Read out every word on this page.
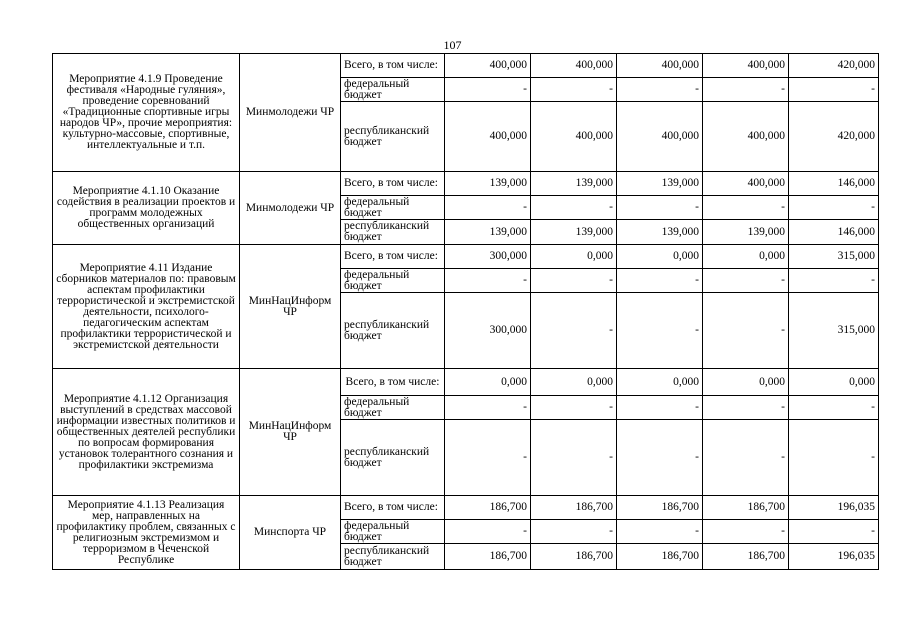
107
Мероприятие 4.1.9 Проведение фестиваля «Народные гуляния», проведение соревнований «Традиционные спортивные игры народов ЧР», прочие мероприятия: культурно-массовые, спортивные, интеллектуальные и т.п.	Минмолодежи ЧР	Всего, в том числе:	400,000	400,000	400,000	400,000	420,000
		федеральный бюджет	-	-	-	-	-
		республиканский бюджет	400,000	400,000	400,000	400,000	420,000
Мероприятие 4.1.10 Оказание содействия в реализации проектов и программ молодежных общественных организаций	Минмолодежи ЧР	Всего, в том числе:	139,000	139,000	139,000	400,000	146,000
		федеральный бюджет	-	-	-	-	-
		республиканский бюджет	139,000	139,000	139,000	139,000	146,000
Мероприятие 4.11 Издание сборников материалов по: правовым аспектам профилактики террористической и экстремистской деятельности, психолого-педагогическим аспектам профилактики террористической и экстремистской деятельности	МинНацИнформ ЧР	Всего, в том числе:	300,000	0,000	0,000	0,000	315,000
		федеральный бюджет	-	-	-	-	-
		республиканский бюджет	300,000	-	-	-	315,000
Мероприятие 4.1.12 Организация выступлений в средствах массовой информации известных политиков и общественных деятелей республики по вопросам формирования установок толерантного сознания и профилактики экстремизма	МинНацИнформ ЧР	Всего, в том числе:	0,000	0,000	0,000	0,000	0,000
		федеральный бюджет	-	-	-	-	-
		республиканский бюджет	-	-	-	-	-
Мероприятие 4.1.13 Реализация мер, направленных на профилактику проблем, связанных с религиозным экстремизмом и терроризмом в Чеченской Республике	Минспорта ЧР	Всего, в том числе:	186,700	186,700	186,700	186,700	196,035
		федеральный бюджет	-	-	-	-	-
		республиканский бюджет	186,700	186,700	186,700	186,700	196,035
